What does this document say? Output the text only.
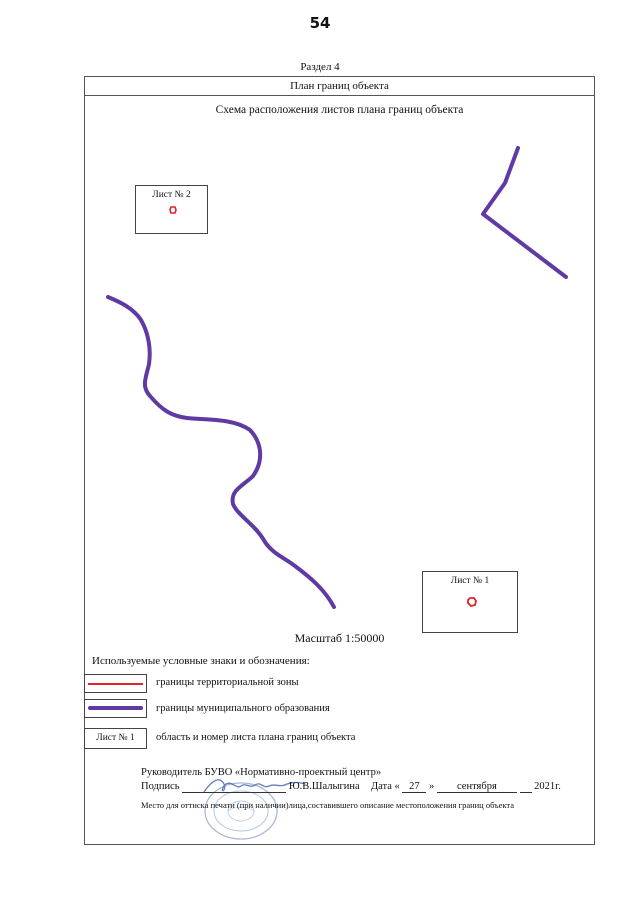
54
Раздел 4
План границ объекта
Схема расположения листов плана границ объекта
Лист № 2
Лист № 1
Масштаб 1:50000
Используемые условные знаки и обозначения:
границы территориальной зоны
границы муниципального образования
Лист № 1	область и номер листа плана границ объекта
Руководитель БУВО «Нормативно-проектный центр»
Подпись	Ю.В.Шалыгина Дата « 27 » сентября	2021г.
Место для оттиска печати (при наличии)лица,составившего описание местоположения границ объекта
